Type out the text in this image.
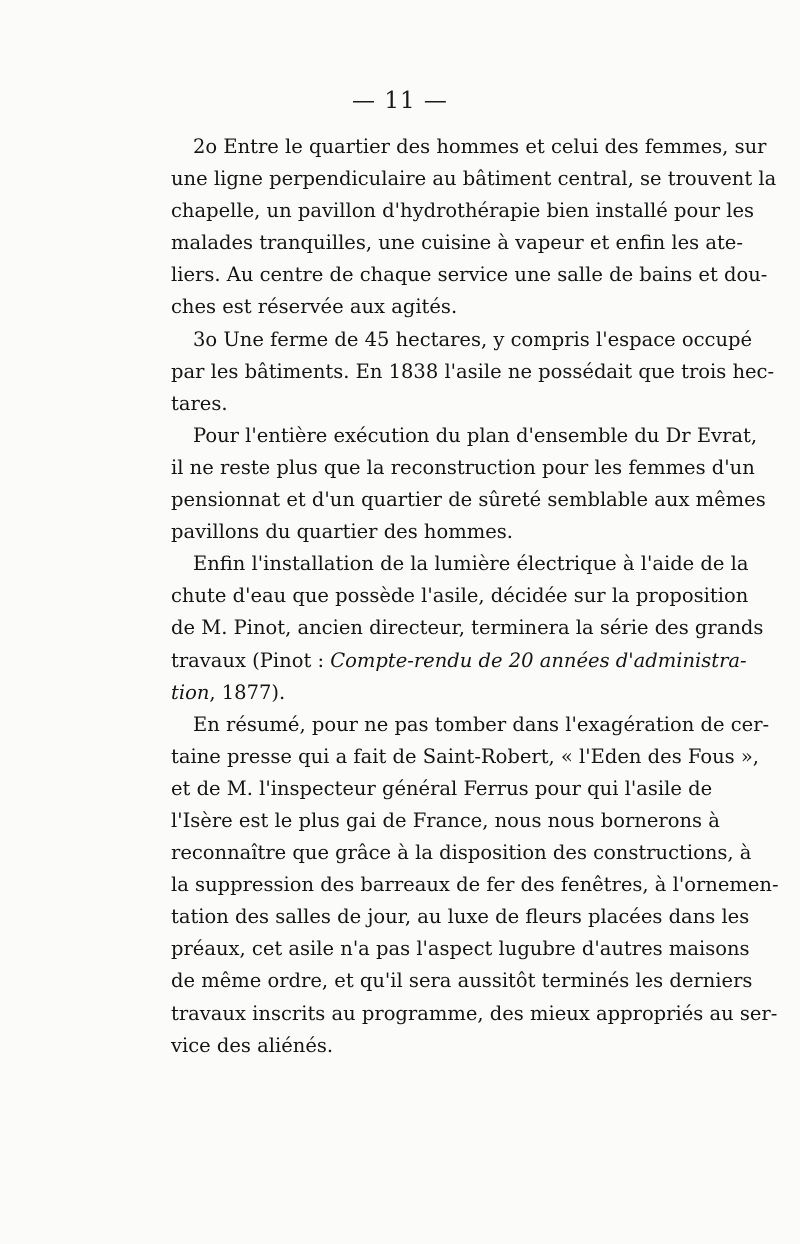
— 11 —
2o Entre le quartier des hommes et celui des femmes, sur
une ligne perpendiculaire au bâtiment central, se trouvent la
chapelle, un pavillon d'hydrothérapie bien installé pour les
malades tranquilles, une cuisine à vapeur et enfin les ate-
liers. Au centre de chaque service une salle de bains et dou-
ches est réservée aux agités.
3o Une ferme de 45 hectares, y compris l'espace occupé
par les bâtiments. En 1838 l'asile ne possédait que trois hec-
tares.
Pour l'entière exécution du plan d'ensemble du Dr Evrat,
il ne reste plus que la reconstruction pour les femmes d'un
pensionnat et d'un quartier de sûreté semblable aux mêmes
pavillons du quartier des hommes.
Enfin l'installation de la lumière électrique à l'aide de la
chute d'eau que possède l'asile, décidée sur la proposition
de M. Pinot, ancien directeur, terminera la série des grands
travaux (Pinot : Compte-rendu de 20 années d'administra-
tion, 1877).
En résumé, pour ne pas tomber dans l'exagération de cer-
taine presse qui a fait de Saint-Robert, « l'Eden des Fous »,
et de M. l'inspecteur général Ferrus pour qui l'asile de
l'Isère est le plus gai de France, nous nous bornerons à
reconnaître que grâce à la disposition des constructions, à
la suppression des barreaux de fer des fenêtres, à l'ornemen-
tation des salles de jour, au luxe de fleurs placées dans les
préaux, cet asile n'a pas l'aspect lugubre d'autres maisons
de même ordre, et qu'il sera aussitôt terminés les derniers
travaux inscrits au programme, des mieux appropriés au ser-
vice des aliénés.
